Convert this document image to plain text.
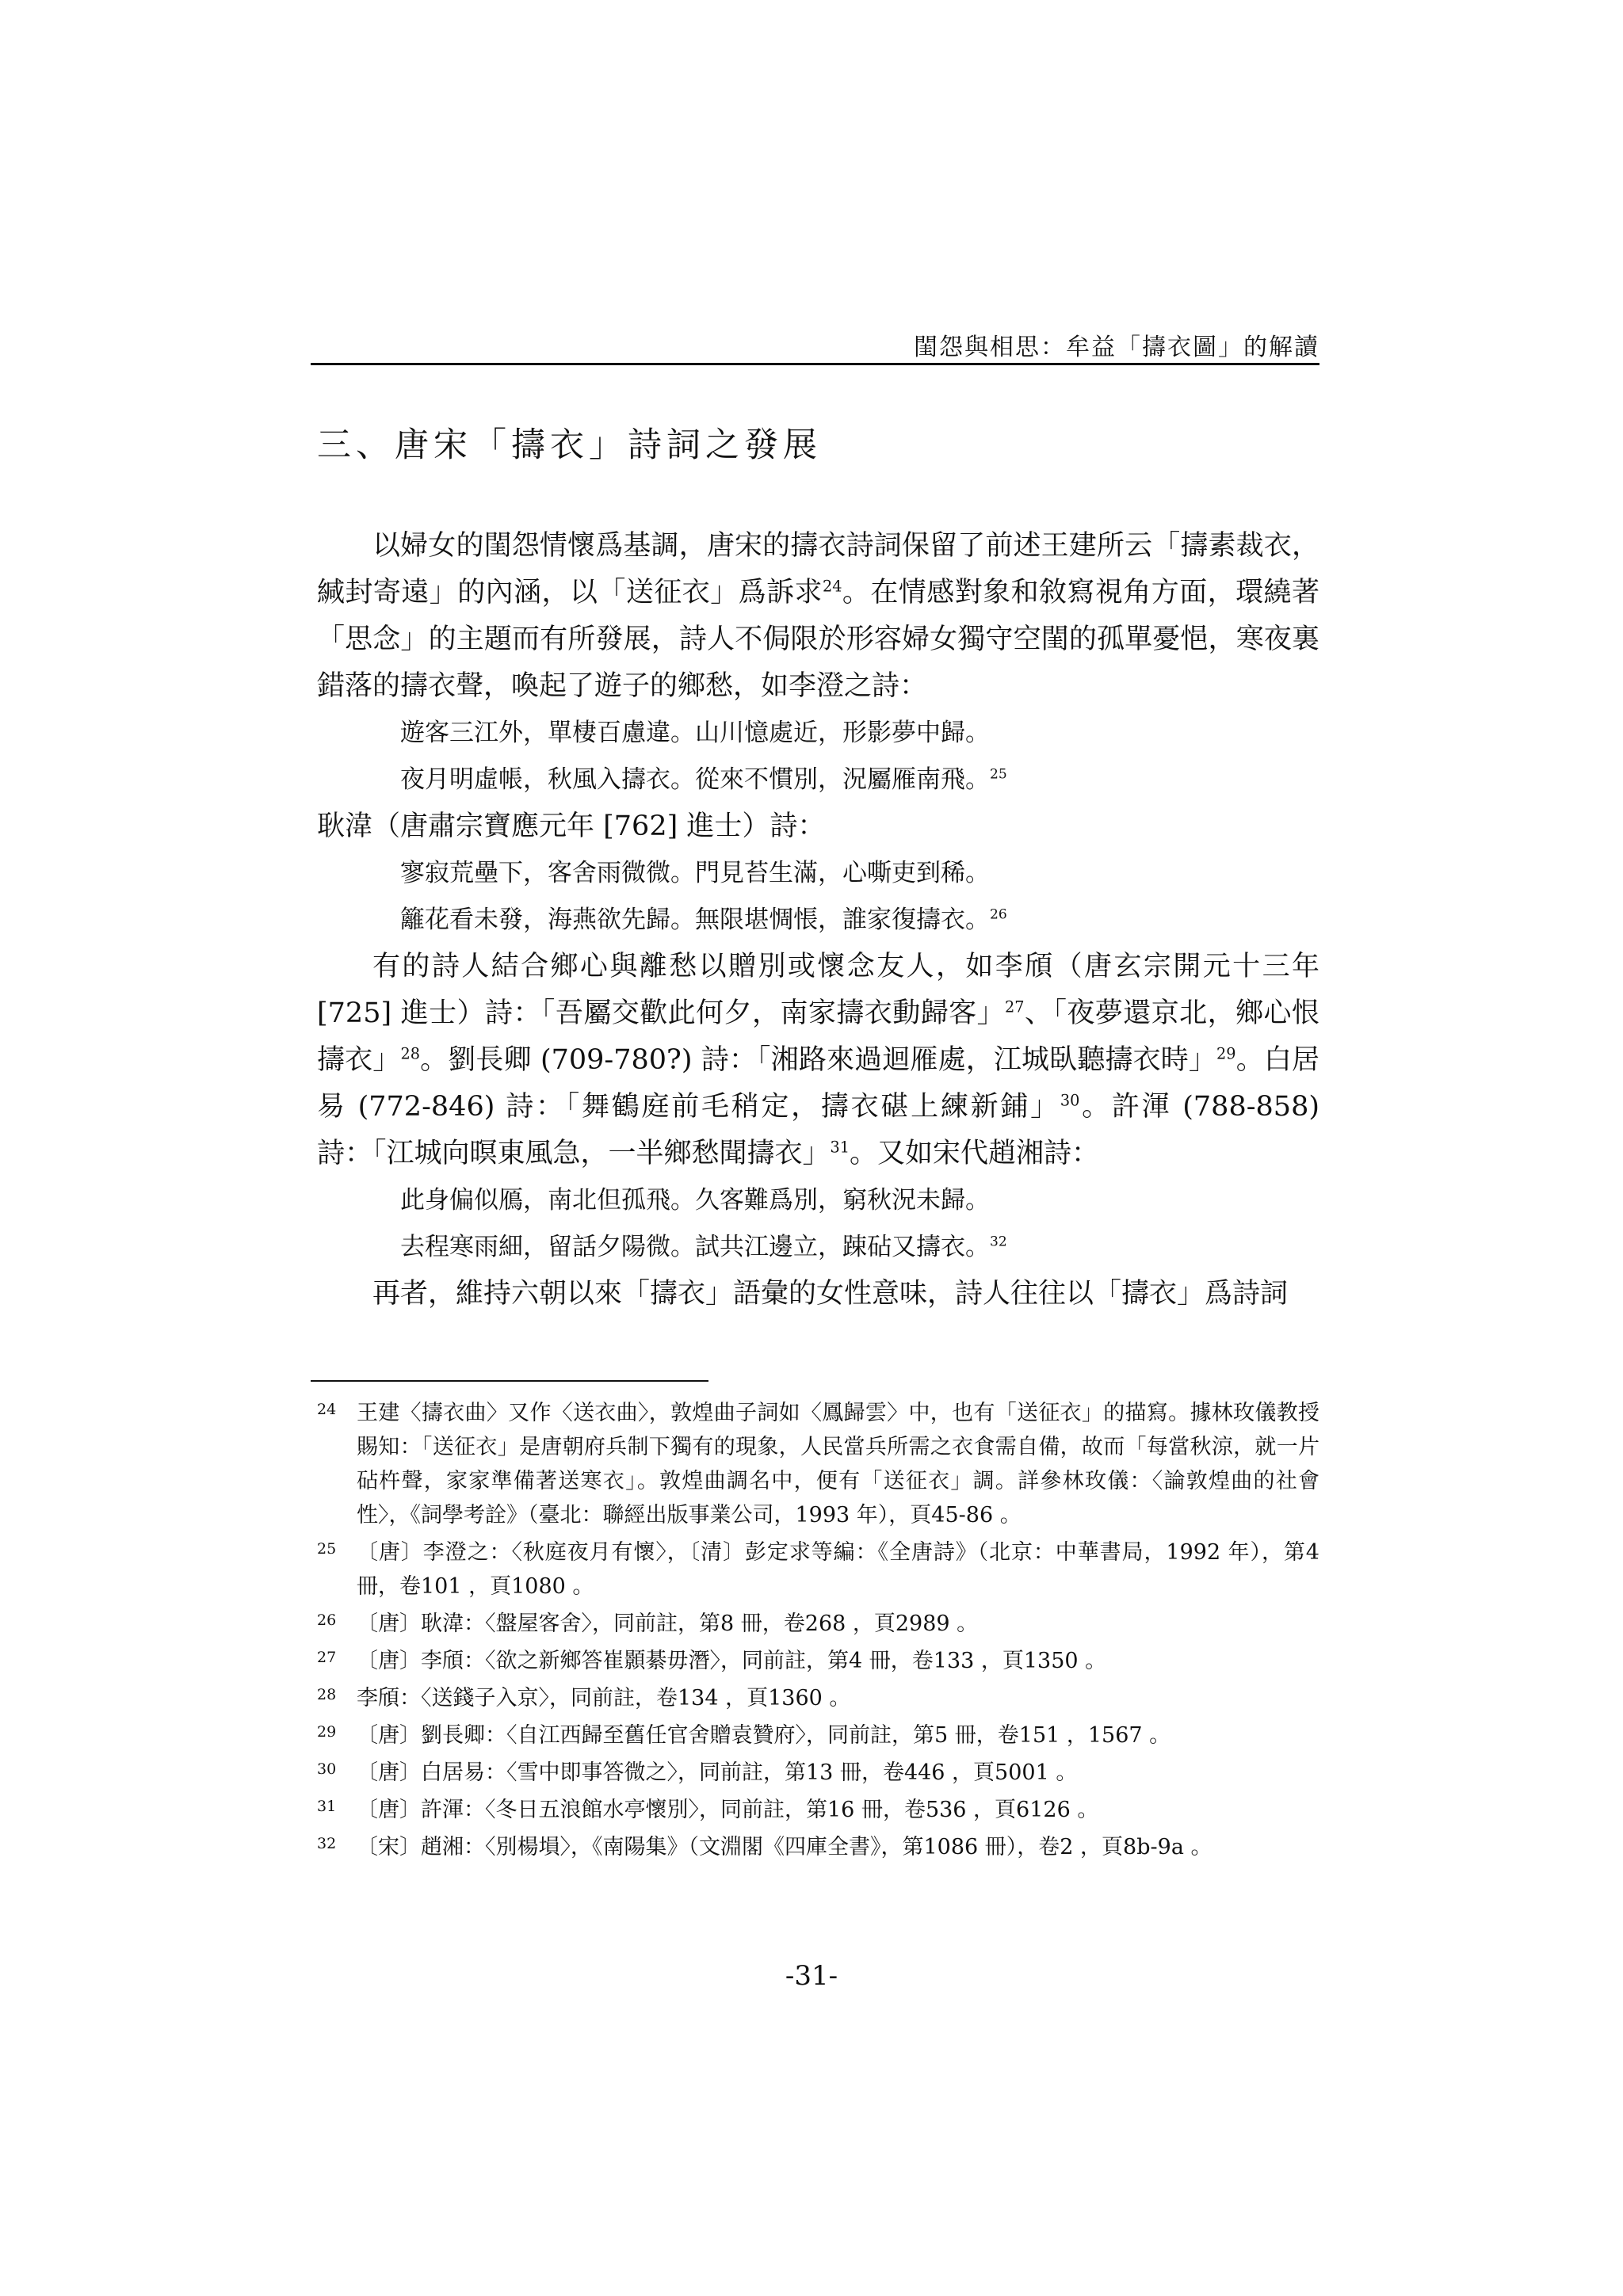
閨怨與相思：牟益「擣衣圖」的解讀
三、唐宋「擣衣」詩詞之發展

以婦女的閨怨情懷爲基調，唐宋的擣衣詩詞保留了前述王建所云「擣素裁衣，緘封寄遠」的內涵，以「送征衣」爲訴求$^{24}$。在情感對象和敘寫視角方面，環繞著「思念」的主題而有所發展，詩人不侷限於形容婦女獨守空閨的孤單憂悒，寒夜裏錯落的擣衣聲，喚起了遊子的鄉愁，如李澄之詩：

遊客三江外，單棲百慮違。山川憶處近，形影夢中歸。

夜月明虛帳，秋風入擣衣。從來不慣別，況屬雁南飛。$^{25}$

耿湋（唐肅宗寶應元年 [762] 進士）詩：

寥寂荒壘下，客舍雨微微。門見苔生滿，心嘶吏到稀。

籬花看未發，海燕欲先歸。無限堪惆悵，誰家復擣衣。$^{26}$

有的詩人結合鄉心與離愁以贈別或懷念友人，如李頎（唐玄宗開元十三年 [725] 進士）詩：「吾屬交歡此何夕，南家擣衣動歸客」$^{27}$、「夜夢還京北，鄉心恨擣衣」$^{28}$。劉長卿 (709-780?) 詩：「湘路來過迴雁處，江城臥聽擣衣時」$^{29}$。白居易 (772-846) 詩：「舞鶴庭前毛稍定，擣衣碪上練新鋪」$^{30}$。許渾 (788-858) 詩：「江城向暝東風急，一半鄉愁聞擣衣」$^{31}$。又如宋代趙湘詩：

此身偏似鴈，南北但孤飛。久客難爲別，窮秋況未歸。

去程寒雨細，留話夕陽微。試共江邊立，踈砧又擣衣。$^{32}$

再者，維持六朝以來「擣衣」語彙的女性意味，詩人往往以「擣衣」爲詩詞

24 王建〈擣衣曲〉又作〈送衣曲〉，敦煌曲子詞如〈鳳歸雲〉中，也有「送征衣」的描寫。據林玫儀教授賜知：「送征衣」是唐朝府兵制下獨有的現象，人民當兵所需之衣食需自備，故而「每當秋涼，就一片砧杵聲，家家準備著送寒衣」。敦煌曲調名中，便有「送征衣」調。詳參林玫儀：〈論敦煌曲的社會性〉，《詞學考詮》（臺北：聯經出版事業公司，1993 年），頁45-86 。
25 〔唐〕李澄之：〈秋庭夜月有懷〉，〔清〕彭定求等編：《全唐詩》（北京：中華書局，1992 年），第4 冊，卷101 ，頁1080 。
26 〔唐〕耿湋：〈盤屋客舍〉，同前註，第8 冊，卷268 ，頁2989 。
27 〔唐〕李頎：〈欲之新鄉答崔顥綦毋潛〉，同前註，第4 冊，卷133 ，頁1350 。
28 李頎：〈送錢子入京〉，同前註，卷134 ，頁1360 。
29 〔唐〕劉長卿：〈自江西歸至舊任官舍贈袁贊府〉，同前註，第5 冊，卷151 ，1567 。
30 〔唐〕白居易：〈雪中即事答微之〉，同前註，第13 冊，卷446 ，頁5001 。
31 〔唐〕許渾：〈冬日五浪館水亭懷別〉，同前註，第16 冊，卷536 ，頁6126 。
32 〔宋〕趙湘：〈別楊塤〉，《南陽集》（文淵閣《四庫全書》，第1086 冊），卷2 ，頁8b-9a 。
-31-
